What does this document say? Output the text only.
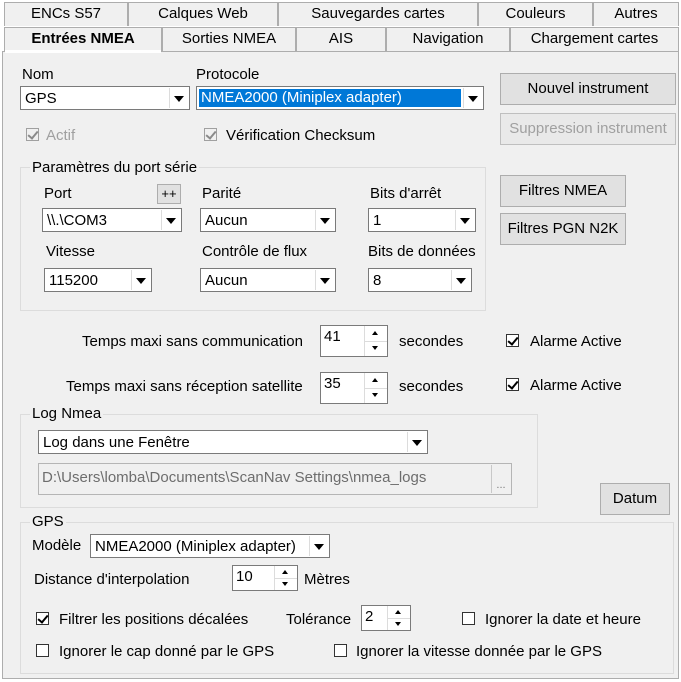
ENCs S57	Calques Web	Sauvegardes cartes	Couleurs	Autres
Entrées NMEA	Sorties NMEA	AIS	Navigation	Chargement cartes
Nom
GPS
Protocole
NMEA2000 (Miniplex adapter)
Nouvel instrument
Suppression instrument
Actif	Vérification Checksum
Paramètres du port série
Port	++
\\.\COM3
Parité
Aucun
Bits d'arrêt
1
Vitesse
115200
Contrôle de flux
Aucun
Bits de données
8
Filtres NMEA
Filtres PGN N2K
Temps maxi sans communication 41	secondes	Alarme Active
Temps maxi sans réception satellite 35	secondes	Alarme Active
Log Nmea
Log dans une Fenêtre
D:\Users\lomba\Documents\ScanNav Settings\nmea_logs	...
Datum
GPS
Modèle NMEA2000 (Miniplex adapter)
Distance d'interpolation	10	Mètres
Filtrer les positions décalées	Tolérance 2	Ignorer la date et heure
Ignorer le cap donné par le GPS	Ignorer la vitesse donnée par le GPS
